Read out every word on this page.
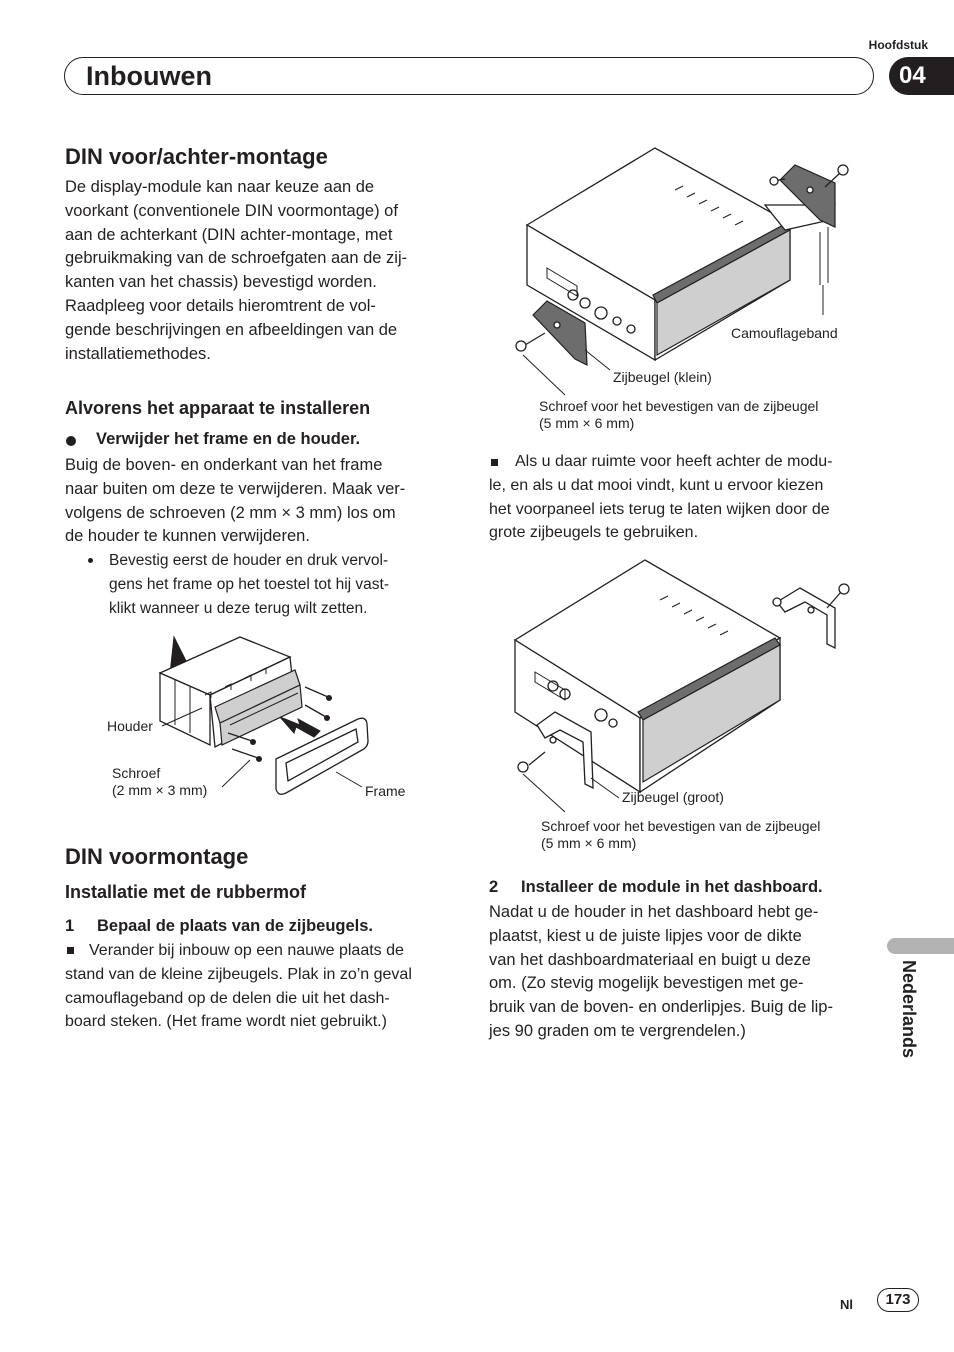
Hoofdstuk
Inbouwen	04
DIN voor/achter-montage
De display-module kan naar keuze aan de
voorkant (conventionele DIN voormontage) of
aan de achterkant (DIN achter-montage, met
gebruikmaking van de schroefgaten aan de zij-
kanten van het chassis) bevestigd worden.
Raadpleeg voor details hieromtrent de vol-
gende beschrijvingen en afbeeldingen van de
installatiemethodes.
Alvorens het apparaat te installeren
Verwijder het frame en de houder.
Buig de boven- en onderkant van het frame
naar buiten om deze te verwijderen. Maak ver-
volgens de schroeven (2 mm × 3 mm) los om
de houder te kunnen verwijderen.
Bevestig eerst de houder en druk vervol-
gens het frame op het toestel tot hij vast-
klikt wanneer u deze terug wilt zetten.
Houder
Schroef
(2 mm × 3 mm)	Frame
DIN voormontage
Installatie met de rubbermof
1 Bepaal de plaats van de zijbeugels.
Verander bij inbouw op een nauwe plaats de
stand van de kleine zijbeugels. Plak in zo’n geval
camouflageband op de delen die uit het dash-
board steken. (Het frame wordt niet gebruikt.)
Camouflageband
Zijbeugel (klein)
Schroef voor het bevestigen van de zijbeugel
(5 mm × 6 mm)
Als u daar ruimte voor heeft achter de modu-
le, en als u dat mooi vindt, kunt u ervoor kiezen
het voorpaneel iets terug te laten wijken door de
grote zijbeugels te gebruiken.
Zijbeugel (groot)
Schroef voor het bevestigen van de zijbeugel
(5 mm × 6 mm)
2 Installeer de module in het dashboard.
Nadat u de houder in het dashboard hebt ge-
plaatst, kiest u de juiste lipjes voor de dikte
van het dashboardmateriaal en buigt u deze
om. (Zo stevig mogelijk bevestigen met ge-
bruik van de boven- en onderlipjes. Buig de lip-
jes 90 graden om te vergrendelen.)	Nederlands
Nl	173
